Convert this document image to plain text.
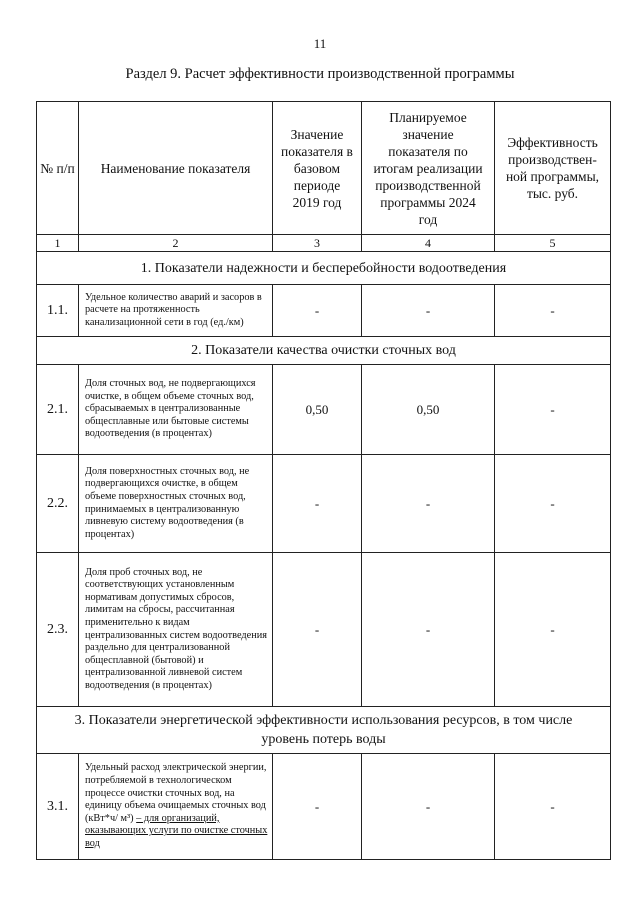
11
Раздел 9. Расчет эффективности производственной программы
№ п/п	Наименование показателя	Значение показателя в базовом периоде 2019 год	Планируемое значение показателя по итогам реализации производственной программы 2024 год	Эффективность производствен-ной программы, тыс. руб.
1	2	3	4	5
1. Показатели надежности и бесперебойности водоотведения				
1.1.	Удельное количество аварий и засоров в расчете на протяженность канализационной сети в год (ед./км)	-	-	-
2. Показатели качества очистки сточных вод				
2.1.	Доля сточных вод, не подвергающихся очистке, в общем объеме сточных вод, сбрасываемых в централизованные общесплавные или бытовые системы водоотведения (в процентах)	0,50	0,50	-
2.2.	Доля поверхностных сточных вод, не подвергающихся очистке, в общем объеме поверхностных сточных вод, принимаемых в централизованную ливневую систему водоотведения (в процентах)	-	-	-
2.3.	Доля проб сточных вод, не соответствующих установленным нормативам допустимых сбросов, лимитам на сбросы, рассчитанная применительно к видам централизованных систем водоотведения раздельно для централизованной общесплавной (бытовой) и централизованной ливневой систем водоотведения (в процентах)	-	-	-
3. Показатели энергетической эффективности использования ресурсов, в том числе уровень потерь воды				
3.1.	Удельный расход электрической энергии, потребляемой в технологическом процессе очистки сточных вод, на единицу объема очищаемых сточных вод (кВт*ч/ м³) – для организаций, оказывающих услуги по очистке сточных вод	-	-	-
